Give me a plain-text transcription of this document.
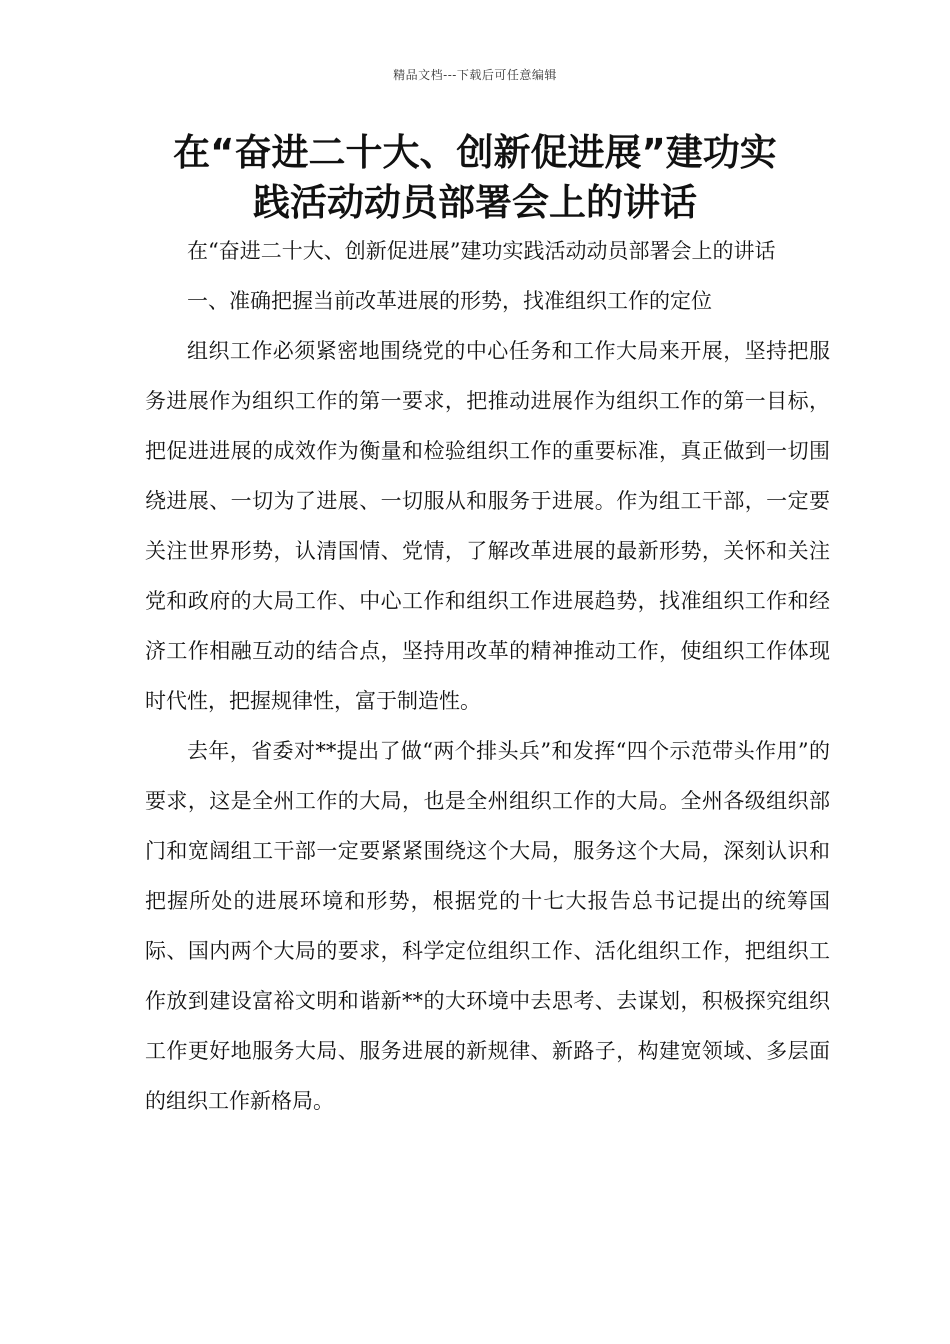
精品文档---下载后可任意编辑
在“奋进二十大、创新促进展”建功实
践活动动员部署会上的讲话

在“奋进二十大、创新促进展”建功实践活动动员部署会上的讲话

一、准确把握当前改革进展的形势，找准组织工作的定位

组织工作必须紧密地围绕党的中心任务和工作大局来开展，坚持把服务进展作为组织工作的第一要求，把推动进展作为组织工作的第一目标，把促进进展的成效作为衡量和检验组织工作的重要标准，真正做到一切围绕进展、一切为了进展、一切服从和服务于进展。作为组工干部，一定要关注世界形势，认清国情、党情，了解改革进展的最新形势，关怀和关注党和政府的大局工作、中心工作和组织工作进展趋势，找准组织工作和经济工作相融互动的结合点，坚持用改革的精神推动工作，使组织工作体现时代性，把握规律性，富于制造性。

去年，省委对**提出了做“两个排头兵”和发挥“四个示范带头作用”的要求，这是全州工作的大局，也是全州组织工作的大局。全州各级组织部门和宽阔组工干部一定要紧紧围绕这个大局，服务这个大局，深刻认识和把握所处的进展环境和形势，根据党的十七大报告总书记提出的统筹国际、国内两个大局的要求，科学定位组织工作、活化组织工作，把组织工作放到建设富裕文明和谐新**的大环境中去思考、去谋划，积极探究组织工作更好地服务大局、服务进展的新规律、新路子，构建宽领域、多层面的组织工作新格局。
